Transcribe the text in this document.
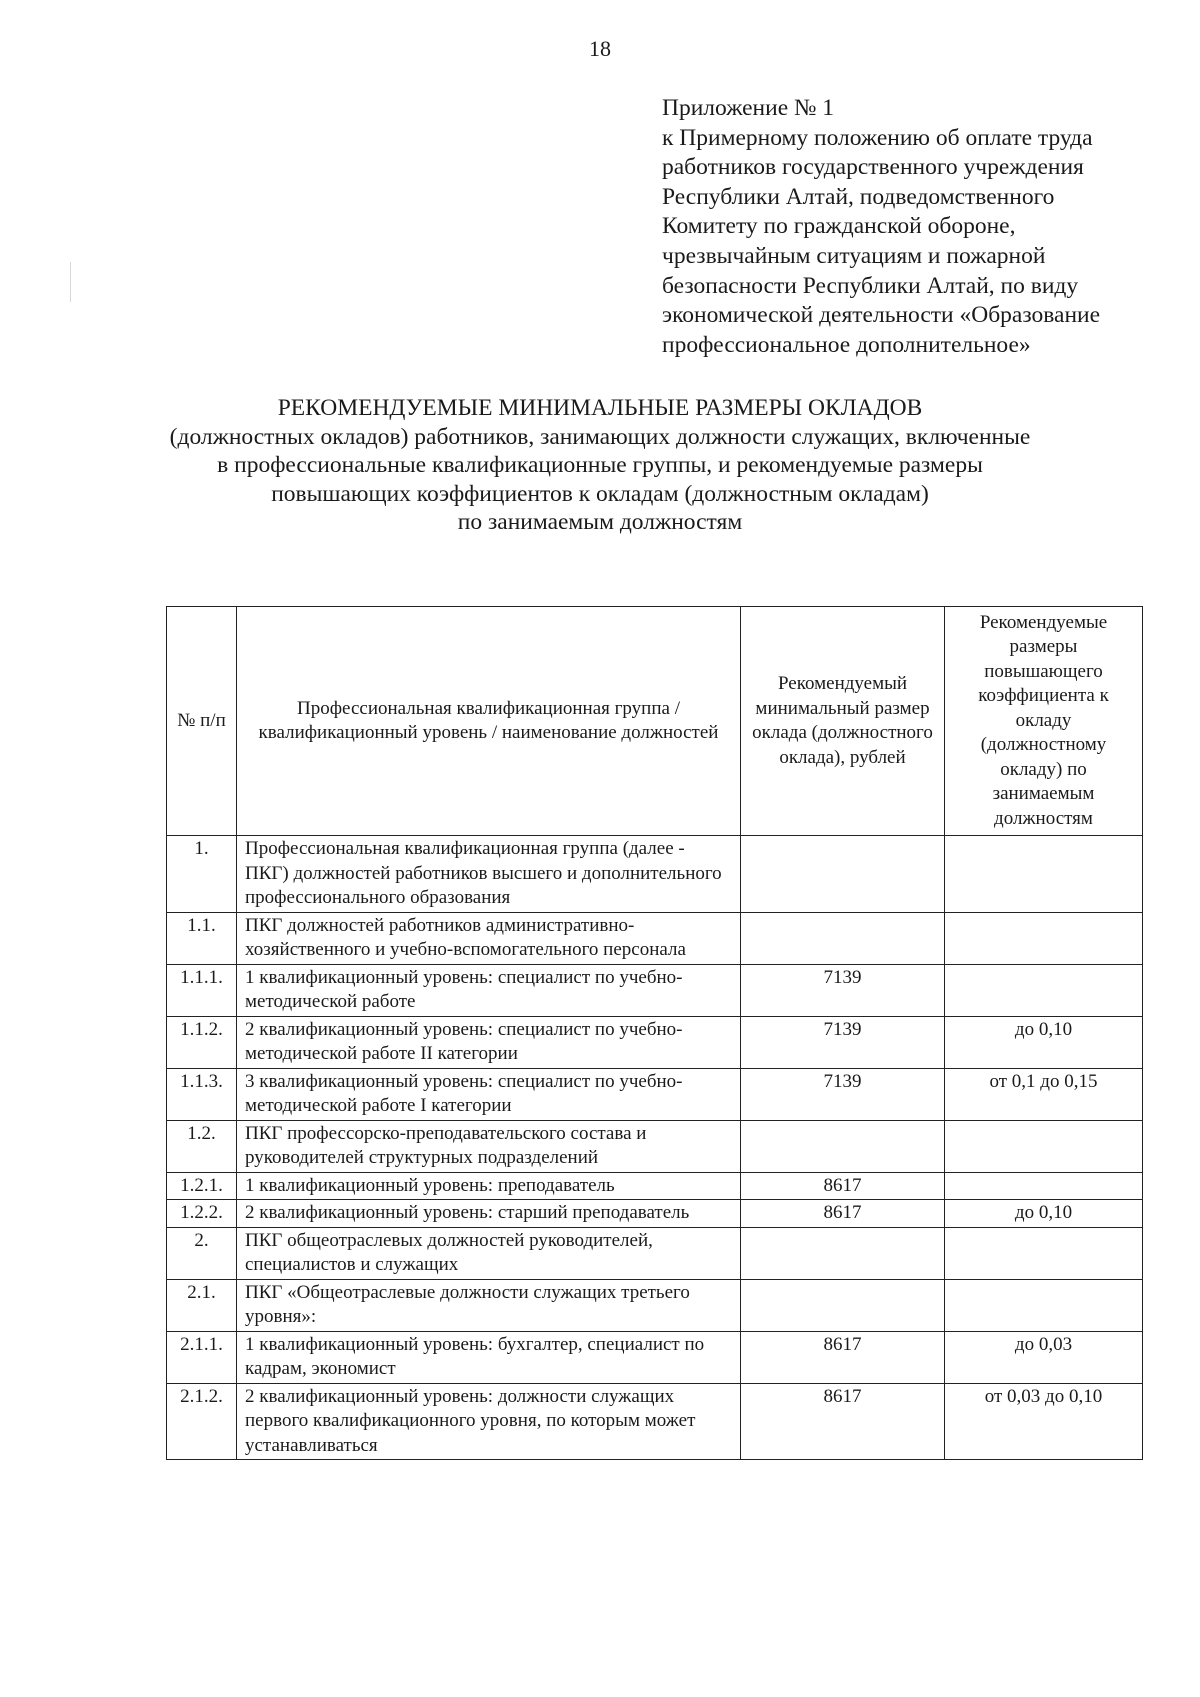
18
Приложение № 1
к Примерному положению об оплате труда
работников государственного учреждения
Республики Алтай, подведомственного
Комитету по гражданской обороне,
чрезвычайным ситуациям и пожарной
безопасности Республики Алтай, по виду
экономической деятельности «Образование
профессиональное дополнительное»
РЕКОМЕНДУЕМЫЕ МИНИМАЛЬНЫЕ РАЗМЕРЫ ОКЛАДОВ
(должностных окладов) работников, занимающих должности служащих, включенные
в профессиональные квалификационные группы, и рекомендуемые размеры
повышающих коэффициентов к окладам (должностным окладам)
по занимаемым должностям
№ п/п	Профессиональная квалификационная группа / квалификационный уровень / наименование должностей	Рекомендуемый минимальный размер оклада (должностного оклада), рублей	Рекомендуемые размеры повышающего коэффициента к окладу (должностному окладу) по занимаемым должностям
1.	Профессиональная квалификационная группа (далее - ПКГ) должностей работников высшего и дополнительного профессионального образования		
1.1.	ПКГ должностей работников административно-хозяйственного и учебно-вспомогательного персонала		
1.1.1.	1 квалификационный уровень: специалист по учебно-методической работе	7139	
1.1.2.	2 квалификационный уровень: специалист по учебно-методической работе II категории	7139	до 0,10
1.1.3.	3 квалификационный уровень: специалист по учебно-методической работе I категории	7139	от 0,1 до 0,15
1.2.	ПКГ профессорско-преподавательского состава и руководителей структурных подразделений		
1.2.1.	1 квалификационный уровень: преподаватель	8617	
1.2.2.	2 квалификационный уровень: старший преподаватель	8617	до 0,10
2.	ПКГ общеотраслевых должностей руководителей, специалистов и служащих		
2.1.	ПКГ «Общеотраслевые должности служащих третьего уровня»:		
2.1.1.	1 квалификационный уровень: бухгалтер, специалист по кадрам, экономист	8617	до 0,03
2.1.2.	2 квалификационный уровень: должности служащих первого квалификационного уровня, по которым может устанавливаться	8617	от 0,03 до 0,10
